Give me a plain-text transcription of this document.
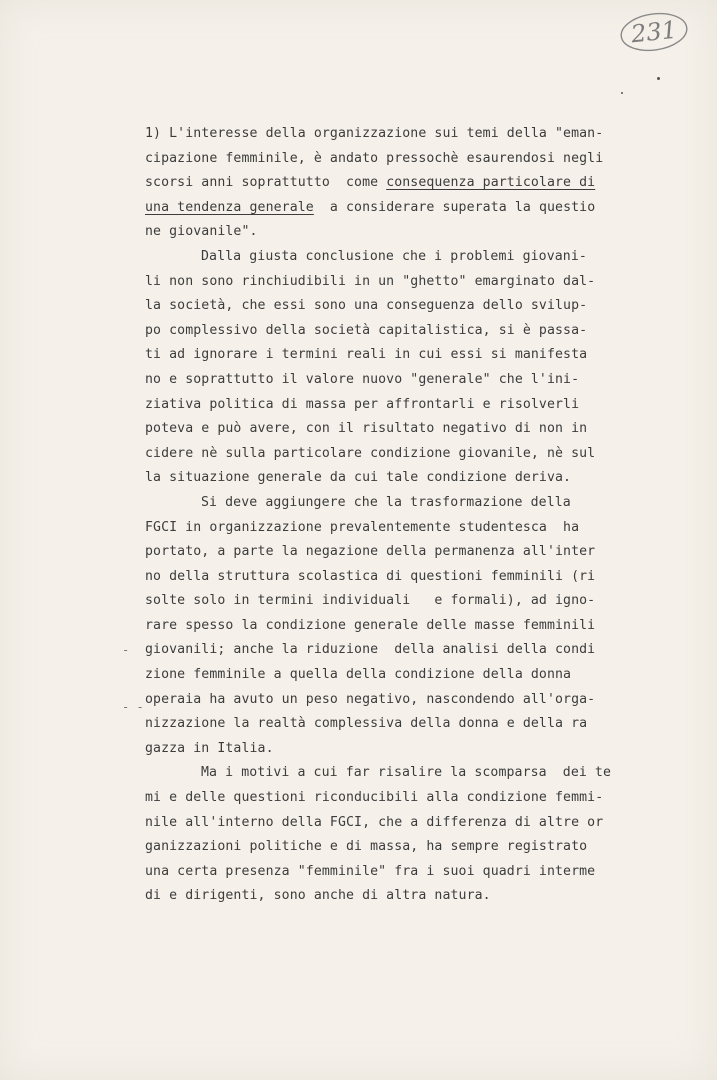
231
-
- -
1) L'interesse della organizzazione sui temi della "eman-
cipazione femminile, è andato pressochè esaurendosi negli
scorsi anni soprattutto  come consequenza particolare di
una tendenza generale  a considerare superata la questio
ne giovanile".
Dalla giusta conclusione che i problemi giovani-
li non sono rinchiudibili in un "ghetto" emarginato dal-
la società, che essi sono una conseguenza dello svilup-
po complessivo della società capitalistica, si è passa-
ti ad ignorare i termini reali in cui essi si manifesta
no e soprattutto il valore nuovo "generale" che l'ini-
ziativa politica di massa per affrontarli e risolverli
poteva e può avere, con il risultato negativo di non in
cidere nè sulla particolare condizione giovanile, nè sul
la situazione generale da cui tale condizione deriva.
Si deve aggiungere che la trasformazione della
FGCI in organizzazione prevalentemente studentesca  ha
portato, a parte la negazione della permanenza all'inter
no della struttura scolastica di questioni femminili (ri
solte solo in termini individuali   e formali), ad igno-
rare spesso la condizione generale delle masse femminili
giovanili; anche la riduzione  della analisi della condi
zione femminile a quella della condizione della donna
operaia ha avuto un peso negativo, nascondendo all'orga-
nizzazione la realtà complessiva della donna e della ra
gazza in Italia.
Ma i motivi a cui far risalire la scomparsa  dei te
mi e delle questioni riconducibili alla condizione femmi-
nile all'interno della FGCI, che a differenza di altre or
ganizzazioni politiche e di massa, ha sempre registrato
una certa presenza "femminile" fra i suoi quadri interme
di e dirigenti, sono anche di altra natura.
